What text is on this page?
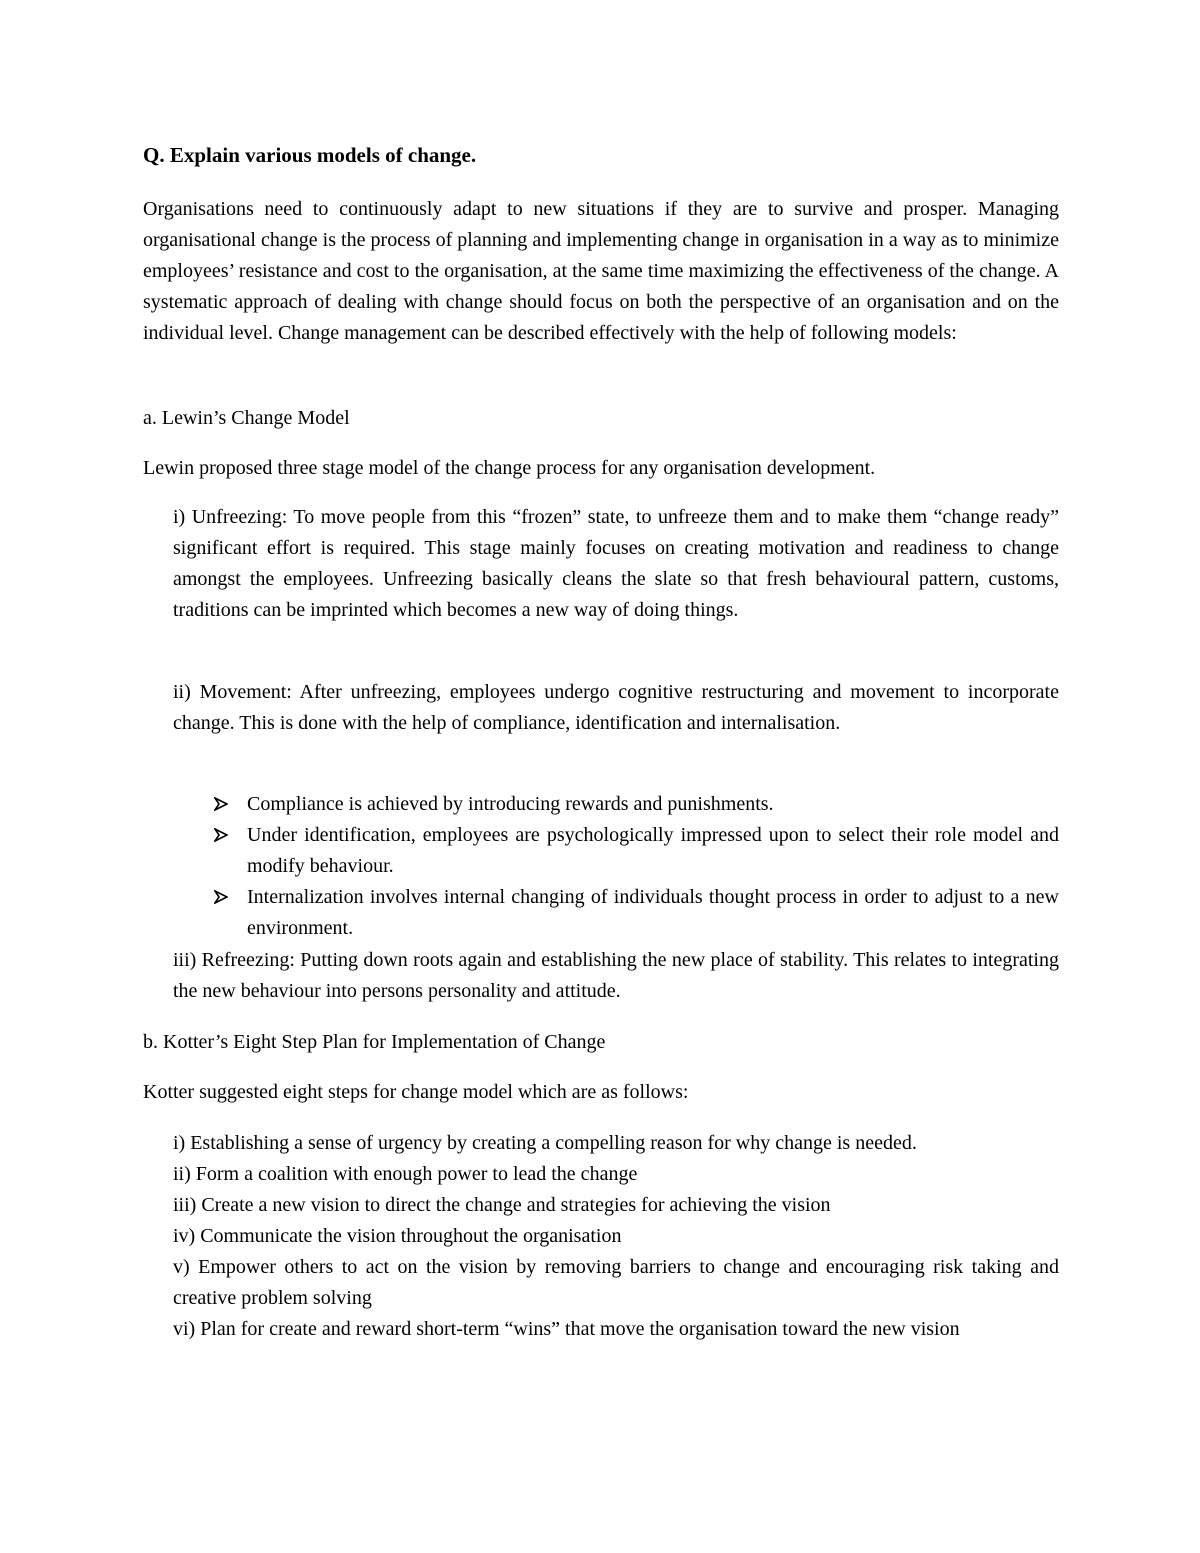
Q. Explain various models of change.

Organisations need to continuously adapt to new situations if they are to survive and prosper. Managing organisational change is the process of planning and implementing change in organisation in a way as to minimize employees’ resistance and cost to the organisation, at the same time maximizing the effectiveness of the change. A systematic approach of dealing with change should focus on both the perspective of an organisation and on the individual level. Change management can be described effectively with the help of following models:

a. Lewin’s Change Model

Lewin proposed three stage model of the change process for any organisation development.

i) Unfreezing: To move people from this “frozen” state, to unfreeze them and to make them “change ready” significant effort is required. This stage mainly focuses on creating motivation and readiness to change amongst the employees. Unfreezing basically cleans the slate so that fresh behavioural pattern, customs, traditions can be imprinted which becomes a new way of doing things.

ii) Movement: After unfreezing, employees undergo cognitive restructuring and movement to incorporate change. This is done with the help of compliance, identification and internalisation.

Compliance is achieved by introducing rewards and punishments.
Under identification, employees are psychologically impressed upon to select their role model and modify behaviour.
Internalization involves internal changing of individuals thought process in order to adjust to a new environment.

iii) Refreezing: Putting down roots again and establishing the new place of stability. This relates to integrating the new behaviour into persons personality and attitude.

b. Kotter’s Eight Step Plan for Implementation of Change

Kotter suggested eight steps for change model which are as follows:

i) Establishing a sense of urgency by creating a compelling reason for why change is needed.
ii) Form a coalition with enough power to lead the change
iii) Create a new vision to direct the change and strategies for achieving the vision
iv) Communicate the vision throughout the organisation
v) Empower others to act on the vision by removing barriers to change and encouraging risk taking and creative problem solving
vi) Plan for create and reward short-term “wins” that move the organisation toward the new vision
